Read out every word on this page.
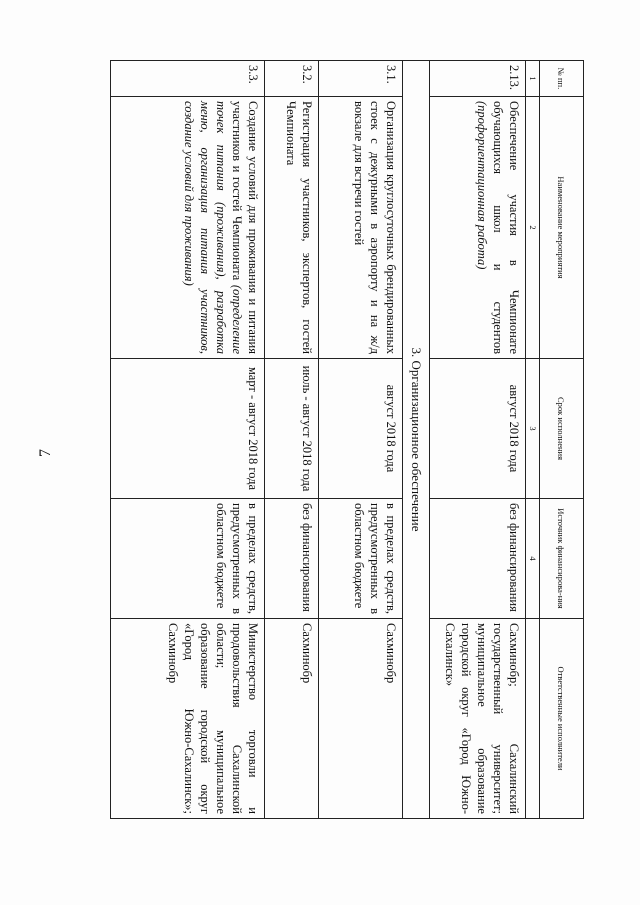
7
№ пп.	Наименование мероприятия	Срок исполнения	Источник финансирова-ния	Ответственные исполнители
1	2	3	4	
2.13.	Обеспечение участия в Чемпионате обучающихся школ и студентов (профориентационная работа)	август 2018 года	без финансирования	Сахминобр; Сахалинский государственный университет; муниципальное образование городской округ «Город Южно-Сахалинск»
3. Организационное обеспечение				
3.1.	Организация круглосуточных брендированных стоек с дежурными в аэропорту и на ж/д вокзале для встречи гостей	август 2018 года	в пределах средств, предусмотренных в областном бюджете	Сахминобр
3.2.	Регистрация участников, экспертов, гостей Чемпионата	июль - август 2018 года	без финансирования	Сахминобр
3.3.	Создание условий для проживания и питания участников и гостей Чемпионата (определение точек питания (проживания), разработка меню, организация питания участников, создание условий для проживания)	март - август 2018 года	в пределах средств, предусмотренных в областном бюджете	Министерство торговли и продовольствия Сахалинской области; муниципальное образование городской округ «Город Южно-Сахалинск»; Сахминобр
